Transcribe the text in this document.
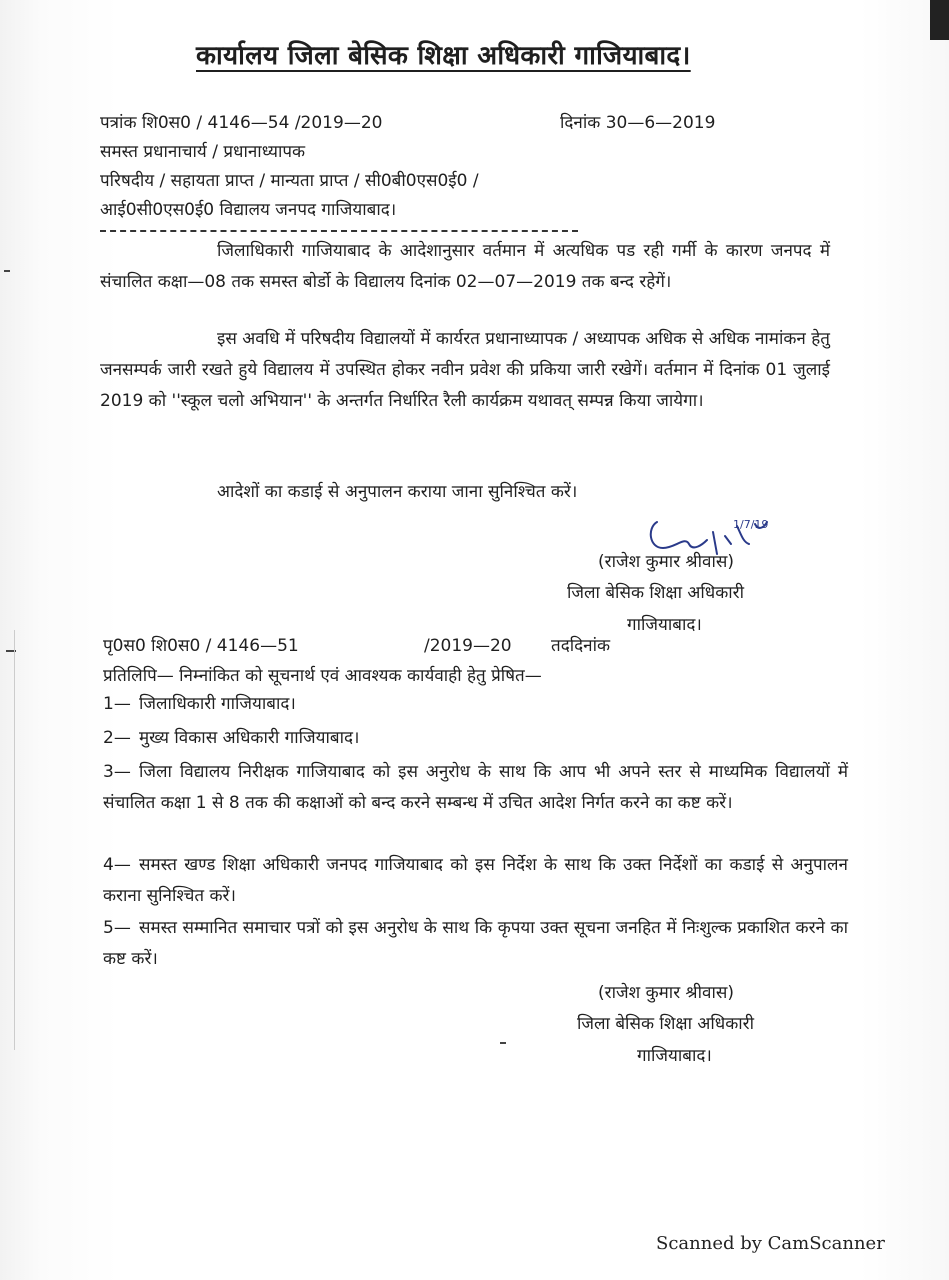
कार्यालय जिला बेसिक शिक्षा अधिकारी गाजियाबाद।
पत्रांक शि0स0 / 4146—54 /2019—20	दिनांक 30—6—2019
समस्त प्रधानाचार्य / प्रधानाध्यापक
परिषदीय / सहायता प्राप्त / मान्यता प्राप्त / सी0बी0एस0ई0 /
आई0सी0एस0ई0 विद्यालय जनपद गाजियाबाद।
जिलाधिकारी गाजियाबाद के आदेशानुसार वर्तमान में अत्यधिक पड रही गर्मी के कारण जनपद में संचालित कक्षा—08 तक समस्त बोर्डो के विद्यालय दिनांक 02—07—2019 तक बन्द रहेगें।
इस अवधि में परिषदीय विद्यालयों में कार्यरत प्रधानाध्यापक / अध्यापक अधिक से अधिक नामांकन हेतु जनसम्पर्क जारी रखते हुये विद्यालय में उपस्थित होकर नवीन प्रवेश की प्रकिया जारी रखेगें। वर्तमान में दिनांक 01 जुलाई 2019 को ''स्कूल चलो अभियान'' के अन्तर्गत निर्धारित रैली कार्यक्रम यथावत् सम्पन्न किया जायेगा।
आदेशों का कडाई से अनुपालन कराया जाना सुनिश्चित करें।
1/7/19
(राजेश कुमार श्रीवास)
जिला बेसिक शिक्षा अधिकारी
गाजियाबाद।
पृ0स0 शि0स0 / 4146—51	/2019—20 तददिनांक
प्रतिलिपि— निम्नांकित को सूचनार्थ एवं आवश्यक कार्यवाही हेतु प्रेषित—
1— जिलाधिकारी गाजियाबाद।
2— मुख्य विकास अधिकारी गाजियाबाद।
3— जिला विद्यालय निरीक्षक गाजियाबाद को इस अनुरोध के साथ कि आप भी अपने स्तर से माध्यमिक विद्यालयों में संचालित कक्षा 1 से 8 तक की कक्षाओं को बन्द करने सम्बन्ध में उचित आदेश निर्गत करने का कष्ट करें।
4— समस्त खण्ड शिक्षा अधिकारी जनपद गाजियाबाद को इस निर्देश के साथ कि उक्त निर्देशों का कडाई से अनुपालन कराना सुनिश्चित करें।
5— समस्त सम्मानित समाचार पत्रों को इस अनुरोध के साथ कि कृपया उक्त सूचना जनहित में निःशुल्क प्रकाशित करने का कष्ट करें।
(राजेश कुमार श्रीवास)
जिला बेसिक शिक्षा अधिकारी
गाजियाबाद।
Scanned by CamScanner
